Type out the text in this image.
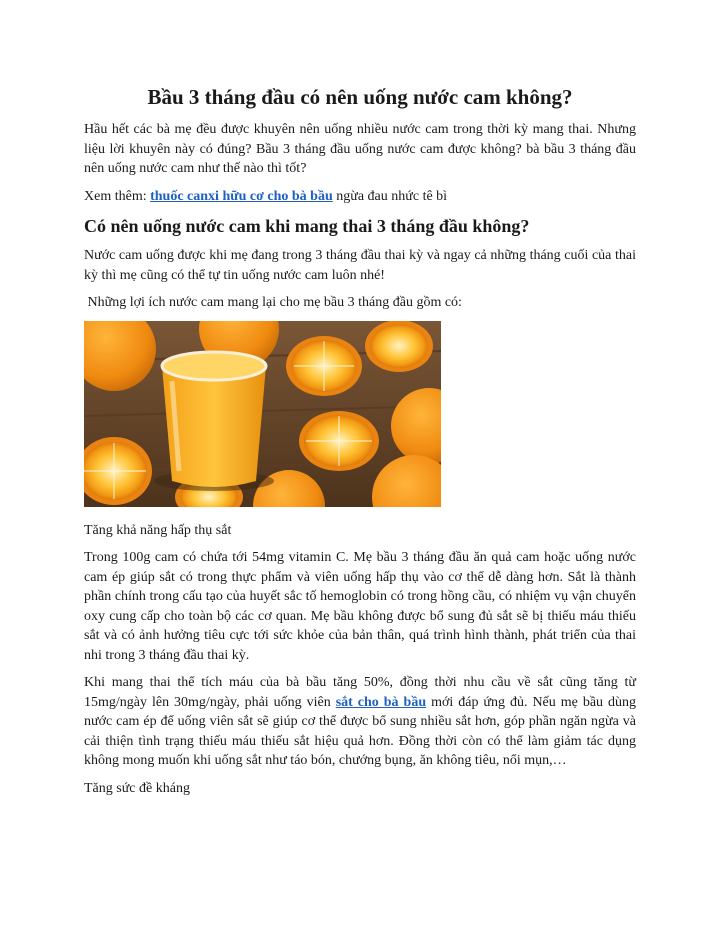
Bầu 3 tháng đầu có nên uống nước cam không?

Hầu hết các bà mẹ đều được khuyên nên uống nhiều nước cam trong thời kỳ mang thai. Nhưng liệu lời khuyên này có đúng? Bầu 3 tháng đầu uống nước cam được không? bà bầu 3 tháng đầu nên uống nước cam như thế nào thì tốt?

Xem thêm: thuốc canxi hữu cơ cho bà bầu ngừa đau nhức tê bì

Có nên uống nước cam khi mang thai 3 tháng đầu không?

Nước cam uống được khi mẹ đang trong 3 tháng đầu thai kỳ và ngay cả những tháng cuối của thai kỳ thì mẹ cũng có thể tự tin uống nước cam luôn nhé!

Những lợi ích nước cam mang lại cho mẹ bầu 3 tháng đầu gồm có:

Tăng khả năng hấp thụ sắt

Trong 100g cam có chứa tới 54mg vitamin C. Mẹ bầu 3 tháng đầu ăn quả cam hoặc uống nước cam ép giúp sắt có trong thực phẩm và viên uống hấp thụ vào cơ thể dễ dàng hơn. Sắt là thành phần chính trong cấu tạo của huyết sắc tố hemoglobin có trong hồng cầu, có nhiệm vụ vận chuyển oxy cung cấp cho toàn bộ các cơ quan. Mẹ bầu không được bổ sung đủ sắt sẽ bị thiếu máu thiếu sắt và có ảnh hưởng tiêu cực tới sức khỏe của bản thân, quá trình hình thành, phát triển của thai nhi trong 3 tháng đầu thai kỳ.

Khi mang thai thể tích máu của bà bầu tăng 50%, đồng thời nhu cầu về sắt cũng tăng từ 15mg/ngày lên 30mg/ngày, phải uống viên sắt cho bà bầu mới đáp ứng đủ. Nếu mẹ bầu dùng nước cam ép để uống viên sắt sẽ giúp cơ thể được bổ sung nhiều sắt hơn, góp phần ngăn ngừa và cải thiện tình trạng thiếu máu thiếu sắt hiệu quả hơn. Đồng thời còn có thể làm giảm tác dụng không mong muốn khi uống sắt như táo bón, chướng bụng, ăn không tiêu, nổi mụn,…

Tăng sức đề kháng
